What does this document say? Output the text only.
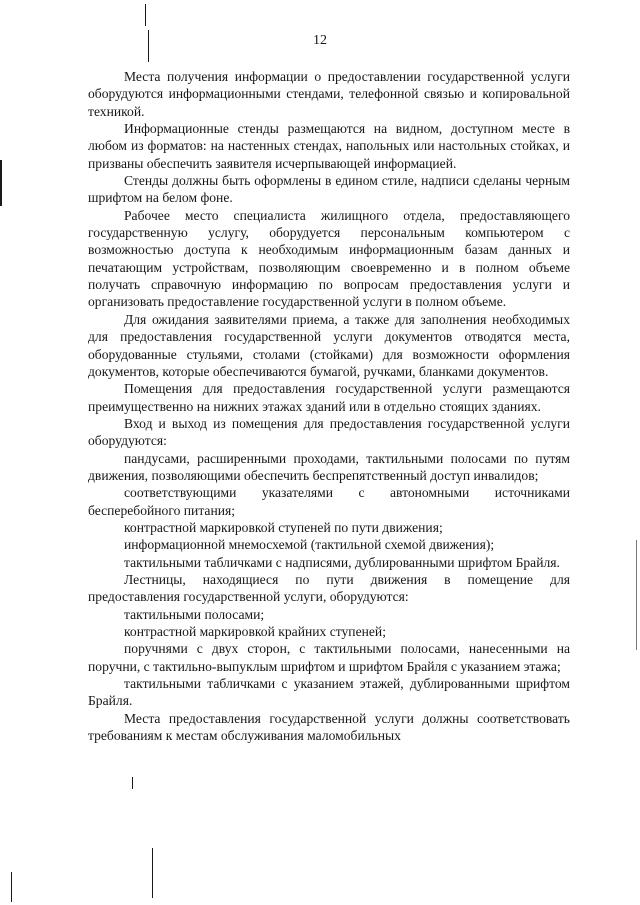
12

Места получения информации о предоставлении государственной услуги оборудуются информационными стендами, телефонной связью и копировальной техникой.

Информационные стенды размещаются на видном, доступном месте в любом из форматов: на настенных стендах, напольных или настольных стойках, и призваны обеспечить заявителя исчерпывающей информацией.

Стенды должны быть оформлены в едином стиле, надписи сделаны черным шрифтом на белом фоне.

Рабочее место специалиста жилищного отдела, предоставляющего государственную услугу, оборудуется персональным компьютером с возможностью доступа к необходимым информационным базам данных и печатающим устройствам, позволяющим своевременно и в полном объеме получать справочную информацию по вопросам предоставления услуги и организовать предоставление государственной услуги в полном объеме.

Для ожидания заявителями приема, а также для заполнения необходимых для предоставления государственной услуги документов отводятся места, оборудованные стульями, столами (стойками) для возможности оформления документов, которые обеспечиваются бумагой, ручками, бланками документов.

Помещения для предоставления государственной услуги размещаются преимущественно на нижних этажах зданий или в отдельно стоящих зданиях.

Вход и выход из помещения для предоставления государственной услуги оборудуются:

пандусами, расширенными проходами, тактильными полосами по путям движения, позволяющими обеспечить беспрепятственный доступ инвалидов;

соответствующими указателями с автономными источниками бесперебойного питания;

контрастной маркировкой ступеней по пути движения;

информационной мнемосхемой (тактильной схемой движения);

тактильными табличками с надписями, дублированными шрифтом Брайля.

Лестницы, находящиеся по пути движения в помещение для предоставления государственной услуги, оборудуются:

тактильными полосами;

контрастной маркировкой крайних ступеней;

поручнями с двух сторон, с тактильными полосами, нанесенными на поручни, с тактильно-выпуклым шрифтом и шрифтом Брайля с указанием этажа;

тактильными табличками с указанием этажей, дублированными шрифтом Брайля.

Места предоставления государственной услуги должны соответствовать требованиям к местам обслуживания маломобильных
